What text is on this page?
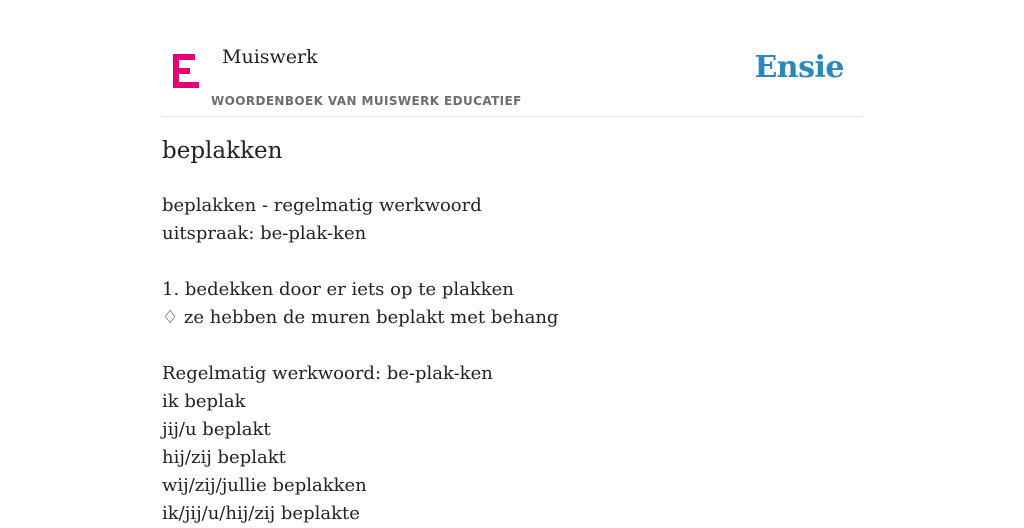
Muiswerk
WOORDENBOEK VAN MUISWERK EDUCATIEF
Ensie
beplakken
beplakken - regelmatig werkwoord
uitspraak: be-plak-ken
1. bedekken door er iets op te plakken
♢ ze hebben de muren beplakt met behang
Regelmatig werkwoord: be-plak-ken
ik beplak
jij/u beplakt
hij/zij beplakt
wij/zij/jullie beplakken
ik/jij/u/hij/zij beplakte
